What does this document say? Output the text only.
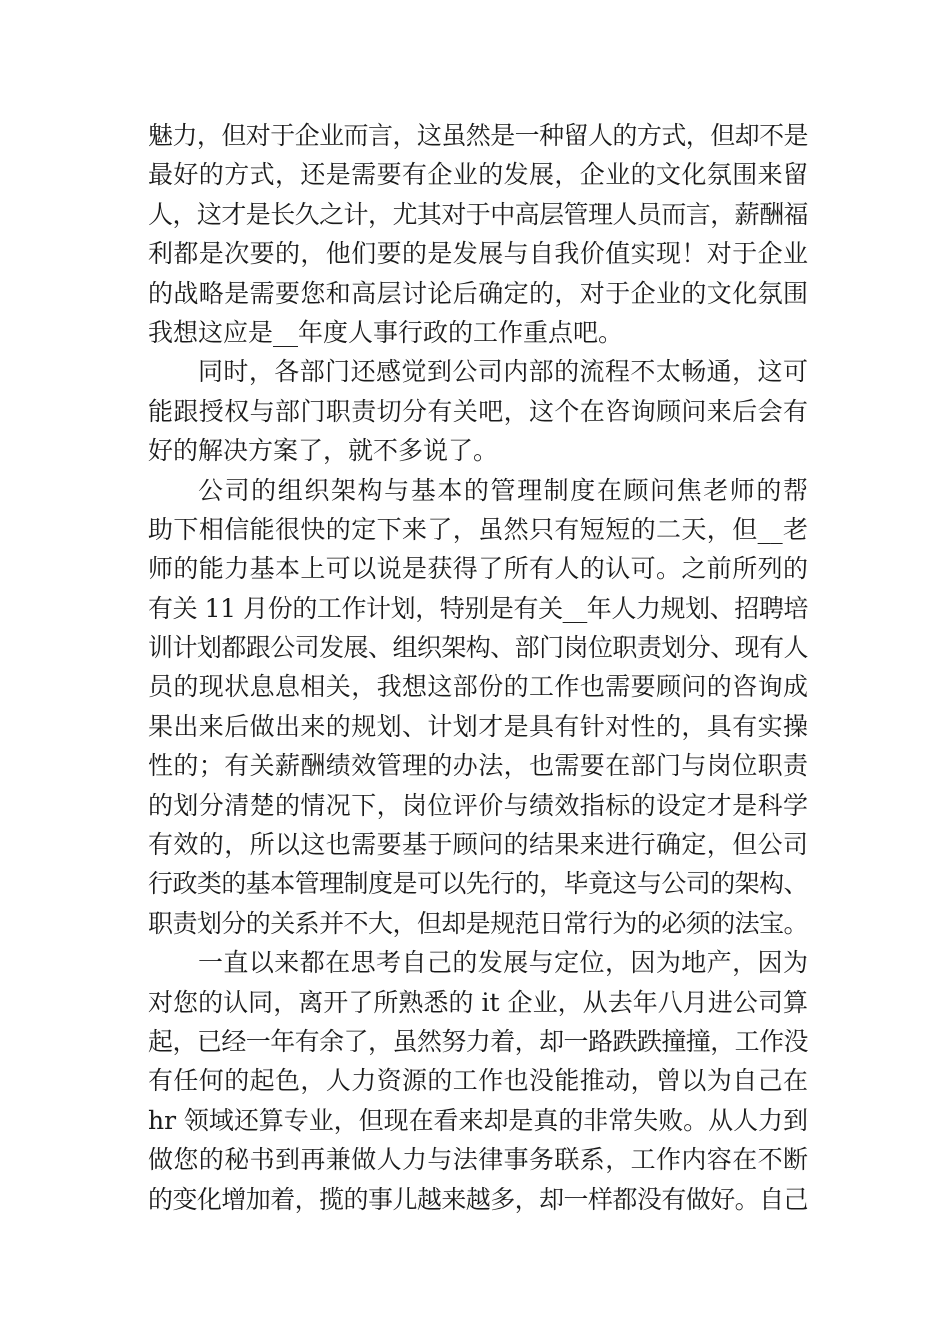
魅力，但对于企业而言，这虽然是一种留人的方式，但却不是
最好的方式，还是需要有企业的发展，企业的文化氛围来留
人，这才是长久之计，尤其对于中高层管理人员而言，薪酬福
利都是次要的，他们要的是发展与自我价值实现！对于企业
的战略是需要您和高层讨论后确定的，对于企业的文化氛围
我想这应是__年度人事行政的工作重点吧。
同时，各部门还感觉到公司内部的流程不太畅通，这可
能跟授权与部门职责切分有关吧，这个在咨询顾问来后会有
好的解决方案了，就不多说了。
公司的组织架构与基本的管理制度在顾问焦老师的帮
助下相信能很快的定下来了，虽然只有短短的二天，但__老
师的能力基本上可以说是获得了所有人的认可。之前所列的
有关 11 月份的工作计划，特别是有关__年人力规划、招聘培
训计划都跟公司发展、组织架构、部门岗位职责划分、现有人
员的现状息息相关，我想这部份的工作也需要顾问的咨询成
果出来后做出来的规划、计划才是具有针对性的，具有实操
性的；有关薪酬绩效管理的办法，也需要在部门与岗位职责
的划分清楚的情况下，岗位评价与绩效指标的设定才是科学
有效的，所以这也需要基于顾问的结果来进行确定，但公司
行政类的基本管理制度是可以先行的，毕竟这与公司的架构、
职责划分的关系并不大，但却是规范日常行为的必须的法宝。
一直以来都在思考自己的发展与定位，因为地产，因为
对您的认同，离开了所熟悉的 it 企业，从去年八月进公司算
起，已经一年有余了，虽然努力着，却一路跌跌撞撞，工作没
有任何的起色，人力资源的工作也没能推动，曾以为自己在
hr 领域还算专业，但现在看来却是真的非常失败。从人力到
做您的秘书到再兼做人力与法律事务联系，工作内容在不断
的变化增加着，揽的事儿越来越多，却一样都没有做好。自己
